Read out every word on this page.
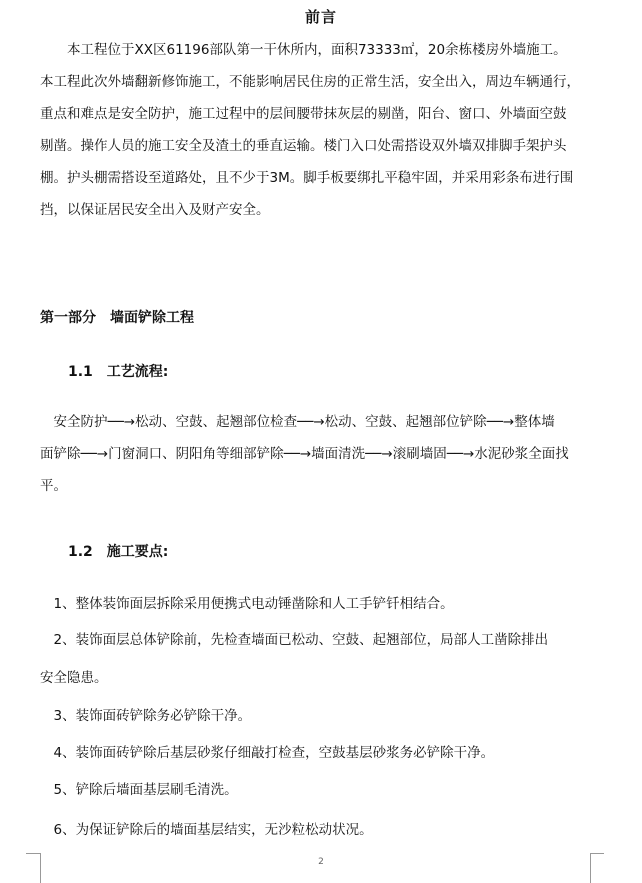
前言

　　本工程位于XX区61196部队第一干休所内，面积73333㎡，20余栋楼房外墙施工。

本工程此次外墙翻新修饰施工，不能影响居民住房的正常生活，安全出入，周边车辆通行，

重点和难点是安全防护，施工过程中的层间腰带抹灰层的剔凿，阳台、窗口、外墙面空鼓

剔凿。操作人员的施工安全及渣土的垂直运输。楼门入口处需搭设双外墙双排脚手架护头

棚。护头棚需搭设至道路处，且不少于3M。脚手板要绑扎平稳牢固，并采用彩条布进行围

挡，以保证居民安全出入及财产安全。

第一部分　墙面铲除工程
1.1　工艺流程:

　安全防护──→松动、空鼓、起翘部位检查──→松动、空鼓、起翘部位铲除──→整体墙

面铲除──→门窗洞口、阴阳角等细部铲除──→墙面清洗──→滚刷墙固──→水泥砂浆全面找

平。

1.2　施工要点:
　1、整体装饰面层拆除采用便携式电动锤凿除和人工手铲钎相结合。
　2、装饰面层总体铲除前，先检查墙面已松动、空鼓、起翘部位，局部人工凿除排出
安全隐患。
　3、装饰面砖铲除务必铲除干净。
　4、装饰面砖铲除后基层砂浆仔细敲打检查，空鼓基层砂浆务必铲除干净。
　5、铲除后墙面基层刷毛清洗。
　6、为保证铲除后的墙面基层结实，无沙粒松动状况。
2
